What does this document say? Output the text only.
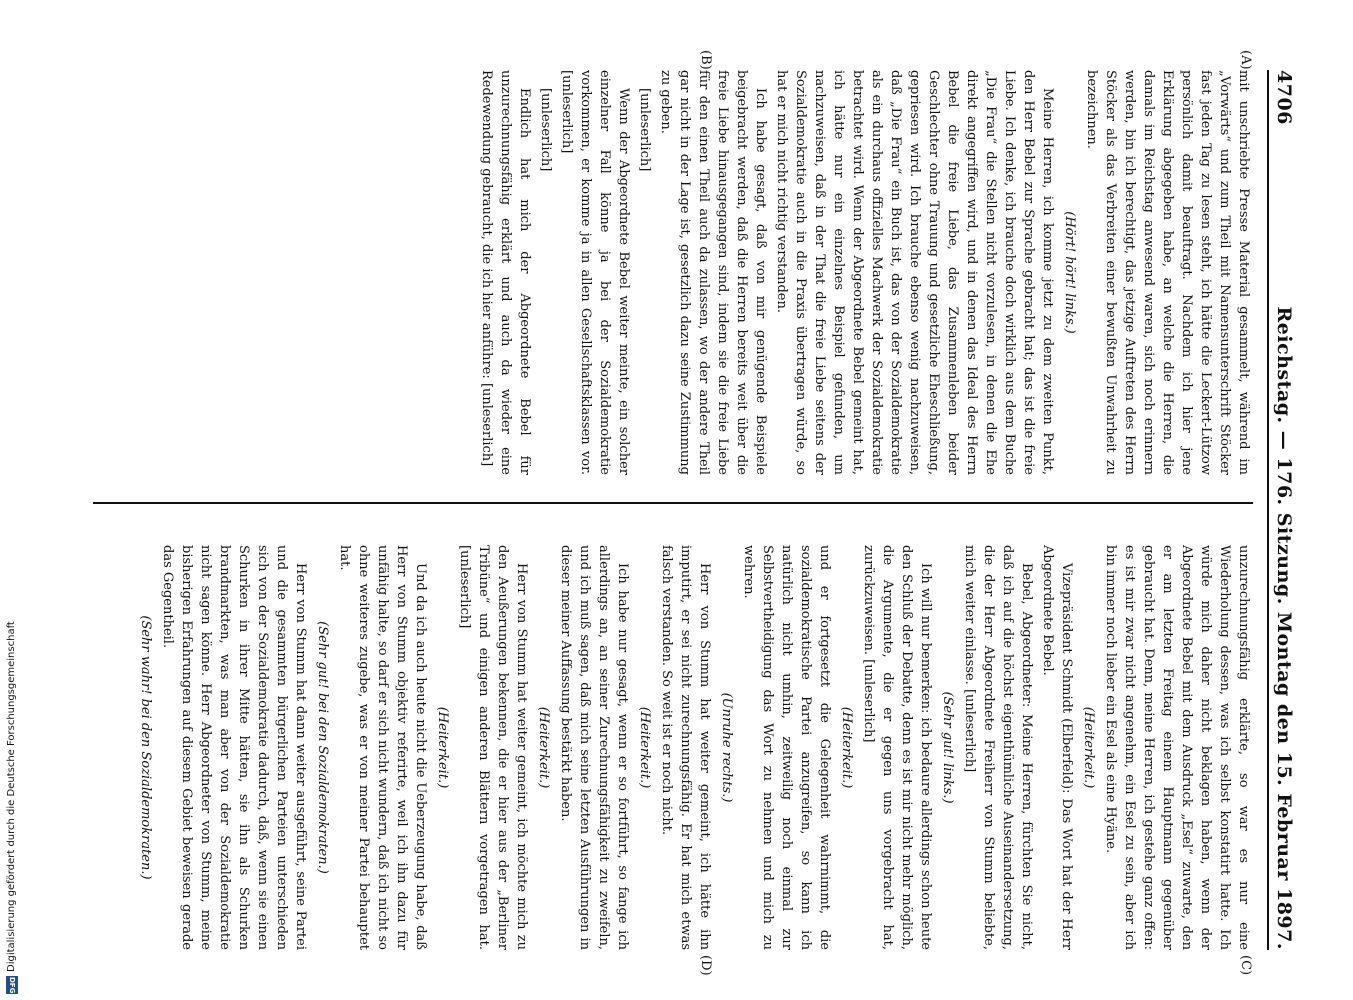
4706
Reichstag. — 176. Sitzung. Montag den 15. Februar 1897.
(A)
(B)
(C)
(D)

mit unschriebte Presse Material gesammelt, während im „Vorwärts“ und zum Theil mit Namensunterschrift Stöcker fast jeden Tag zu lesen steht, ich hätte die Leckert-Lützow persönlich damit beauftragt. Nachdem ich hier jene Erklärung abgegeben habe, an welche die Herren, die damals im Reichstag anwesend waren, sich noch erinnern werden, bin ich berechtigt, das jetzige Auftreten des Herrn Stöcker als das Verbreiten einer bewußten Unwahrheit zu bezeichnen.

(Hört! hört! links.)

Meine Herren, ich komme jetzt zu dem zweiten Punkt, den Herr Bebel zur Sprache gebracht hat; das ist die freie Liebe. Ich denke, ich brauche doch wirklich aus dem Buche „Die Frau“ die Stellen nicht vorzulesen, in denen die Ehe direkt angegriffen wird, und in denen das Ideal des Herrn Bebel die freie Liebe, das Zusammenleben beider Geschlechter ohne Trauung und gesetzliche Eheschließung, gepriesen wird. Ich brauche ebenso wenig nachzuweisen, daß „Die Frau“ ein Buch ist, das von der Sozialdemokratie als ein durchaus offizielles Machwerk der Sozialdemokratie betrachtet wird. Wenn der Abgeordnete Bebel gemeint hat, ich hätte nur ein einzelnes Beispiel gefunden, um nachzuweisen, daß in der That die freie Liebe seitens der Sozialdemokratie auch in die Praxis übertragen würde, so hat er mich nicht richtig verstanden.

Ich habe gesagt, daß von mir genügende Beispiele beigebracht werden, daß die Herren bereits weit über die freie Liebe hinausgegangen sind, indem sie die freie Liebe für den einen Theil auch da zulassen, wo der andere Theil gar nicht in der Lage ist, gesetzlich dazu seine Zustimmung zu geben.

[unleserlich]

Wenn der Abgeordnete Bebel weiter meinte, ein solcher einzelner Fall könne ja bei der Sozialdemokratie vorkommen, er komme ja in allen Gesellschaftsklassen vor. [unleserlich]

[unleserlich]

Endlich hat mich der Abgeordnete Bebel für unzurechnungsfähig erklärt und auch da wieder eine Redewendung gebraucht, die ich hier anführe: [unleserlich]

unzurechnungsfähig erklärte, so war es nur eine Wiederholung dessen, was ich selbst konstatirt hatte. Ich würde mich daher nicht beklagen haben, wenn der Abgeordnete Bebel mit dem Ausdruck „Esel“ zuwarte, den er am letzten Freitag einem Hauptmann gegenüber gebraucht hat. Denn, meine Herren, ich gestehe ganz offen: es ist mir zwar nicht angenehm, ein Esel zu sein, aber ich bin immer noch lieber ein Esel als eine Hyäne.

(Heiterkeit.)

Vizepräsident Schmidt (Elberfeld): Das Wort hat der Herr Abgeordnete Bebel.

Bebel, Abgeordneter: Meine Herren, fürchten Sie nicht, daß ich auf die höchst eigenthümliche Auseinandersetzung, die der Herr Abgeordnete Freiherr von Stumm beliebte, mich weiter einlasse. [unleserlich]

(Sehr gut! links.)

Ich will nur bemerken: ich bedaure allerdings schon heute den Schluß der Debatte, denn es ist mir nicht mehr möglich, die Argumente, die er gegen uns vorgebracht hat, zurückzuweisen. [unleserlich]

(Heiterkeit.)

und er fortgesetzt die Gelegenheit wahrnimmt, die sozialdemokratische Partei anzugreifen, so kann ich natürlich nicht umhin, zeitweilig noch einmal zur Selbstvertheidigung das Wort zu nehmen und mich zu wehren.

(Unruhe rechts.)

Herr von Stumm hat weiter gemeint, ich hätte ihn imputirt, er sei nicht zurechnungsfähig. Er hat mich etwas falsch verstanden. So weit ist er noch nicht.

(Heiterkeit.)

Ich habe nur gesagt, wenn er so fortführt, so fange ich allerdings an, an seiner Zurechnungsfähigkeit zu zweifeln, und ich muß sagen, daß mich seine letzten Ausführungen in dieser meiner Auffassung bestärkt haben.

(Heiterkeit.)

Herr von Stumm hat weiter gemeint, ich möchte mich zu den Aeußerungen bekennen, die er hier aus der „Berliner Tribüne“ und einigen anderen Blättern vorgetragen hat. [unleserlich]

(Heiterkeit.)

Und da ich auch heute nicht die Ueberzeugung habe, daß Herr von Stumm objektiv referirte, weil ich ihn dazu für unfähig halte, so darf er sich nicht wundern, daß ich nicht so ohne weiteres zugebe, was er von meiner Partei behauptet hat.

(Sehr gut! bei den Sozialdemokraten.)

Herr von Stumm hat dann weiter ausgeführt, seine Partei und die gesammten bürgerlichen Parteien unterschieden sich von der Sozialdemokratie dadurch, daß, wenn sie einen Schurken in ihrer Mitte hätten, sie ihn als Schurken brandmarkten, was man aber von der Sozialdemokratie nicht sagen könne. Herr Abgeordneter von Stumm, meine bisherigen Erfahrungen auf diesem Gebiet beweisen gerade das Gegentheil.

(Sehr wahr! bei den Sozialdemokraten.)

Digitalisierung gefördert durch die Deutsche Forschungsgemeinschaft
DFG
